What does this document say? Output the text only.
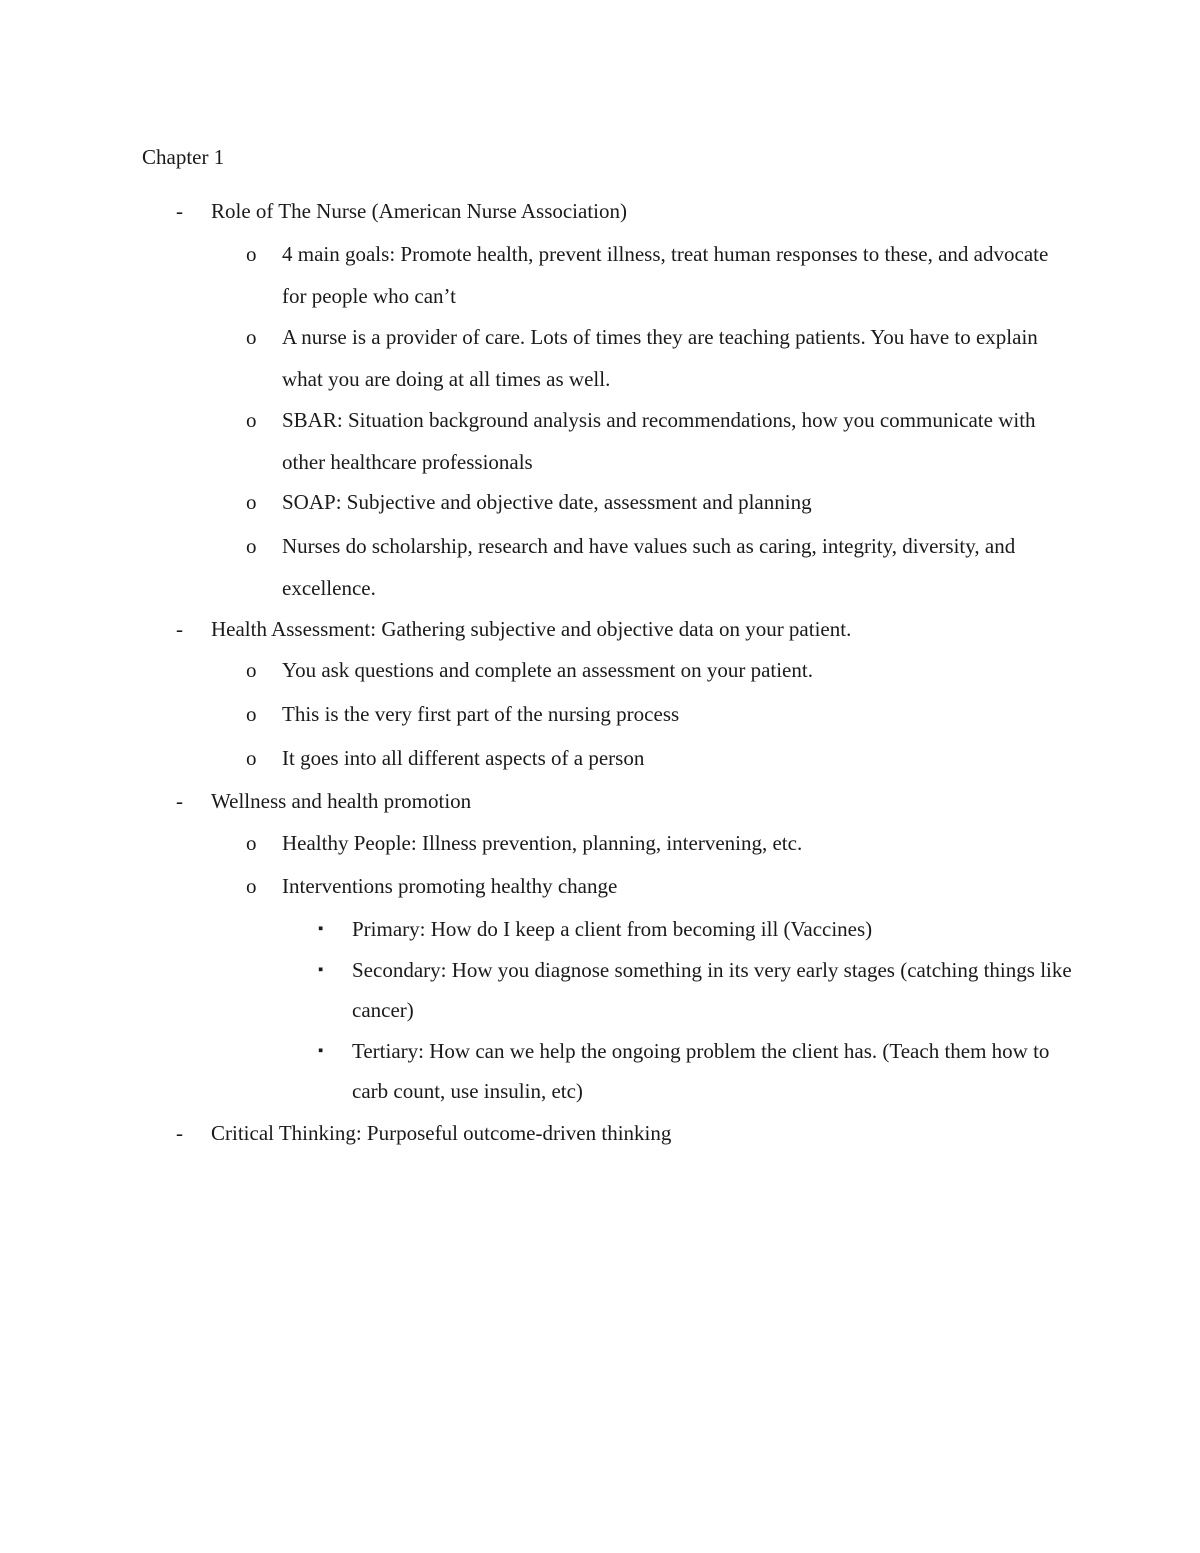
Chapter 1
-	Role of The Nurse (American Nurse Association)
o	4 main goals: Promote health, prevent illness, treat human responses to these, and advocate for people who can’t
o	A nurse is a provider of care. Lots of times they are teaching patients. You have to explain what you are doing at all times as well.
o	SBAR: Situation background analysis and recommendations, how you communicate with other healthcare professionals
o	SOAP: Subjective and objective date, assessment and planning
o	Nurses do scholarship, research and have values such as caring, integrity, diversity, and excellence.
-	Health Assessment: Gathering subjective and objective data on your patient.
o	You ask questions and complete an assessment on your patient.
o	This is the very first part of the nursing process
o	It goes into all different aspects of a person
-	Wellness and health promotion
o	Healthy People: Illness prevention, planning, intervening, etc.
o	Interventions promoting healthy change
▪	Primary: How do I keep a client from becoming ill (Vaccines)
▪	Secondary: How you diagnose something in its very early stages (catching things like cancer)
▪	Tertiary: How can we help the ongoing problem the client has. (Teach them how to carb count, use insulin, etc)
-	Critical Thinking: Purposeful outcome-driven thinking
